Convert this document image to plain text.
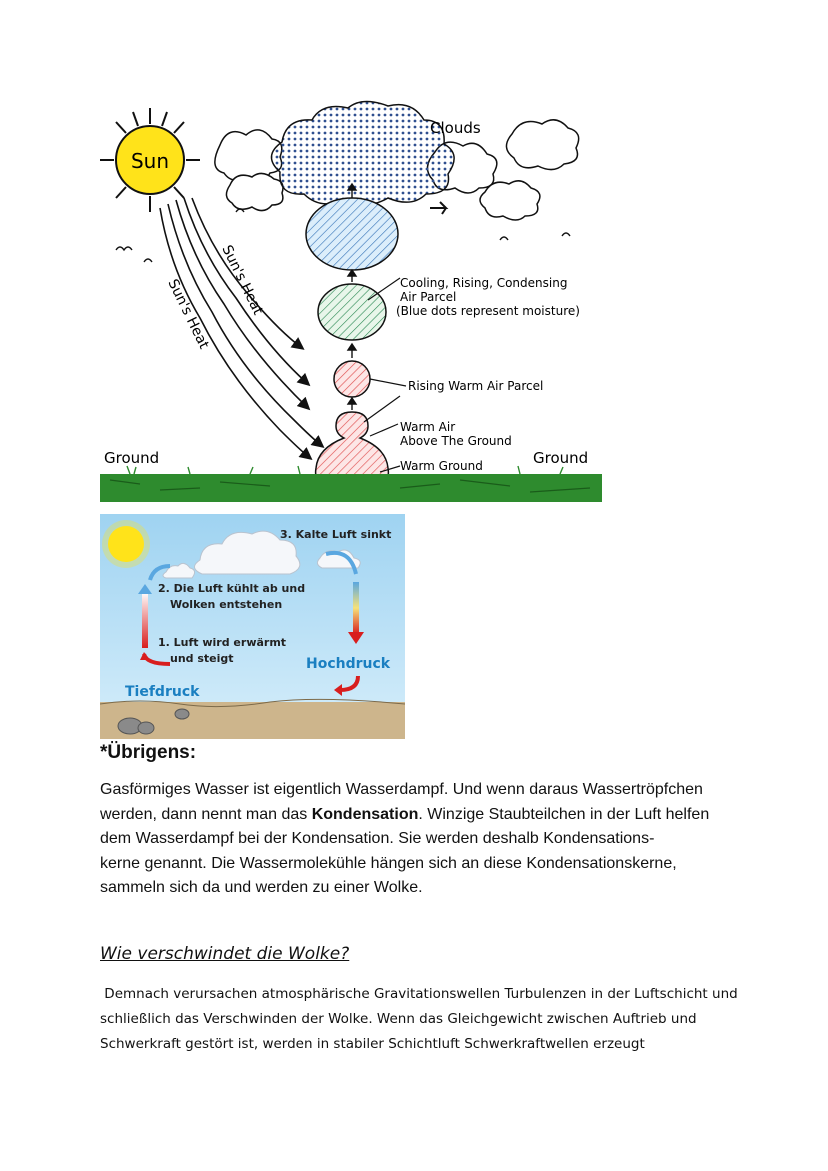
Sun
Clouds
Sun's Heat Sun's Heat	Cooling, Rising, Condensing
Air Parcel
(Blue dots represent moisture)
Rising Warm Air Parcel
Warm Air
Above The Ground
Warm Ground
Ground	Ground
3. Kalte Luft sinkt
2. Die Luft kühlt ab und
Wolken entstehen
1. Luft wird erwärmt
und steigt	Hochdruck
Tiefdruck
*Übrigens:

Gasförmiges Wasser ist eigentlich Wasserdampf. Und wenn daraus Wassertröpfchen werden, dann nennt man das Kondensation. Winzige Staubteilchen in der Luft helfen dem Wasserdampf bei der Kondensation. Sie werden deshalb Kondensations-

kerne genannt. Die Wassermolekühle hängen sich an diese Kondensationskerne, sammeln sich da und werden zu einer Wolke.

Wie verschwindet die Wolke?

Demnach verursachen atmosphärische Gravitationswellen Turbulenzen in der Luftschicht und schließlich das Verschwinden der Wolke. Wenn das Gleichgewicht zwischen Auftrieb und Schwerkraft gestört ist, werden in stabiler Schichtluft Schwerkraftwellen erzeugt
